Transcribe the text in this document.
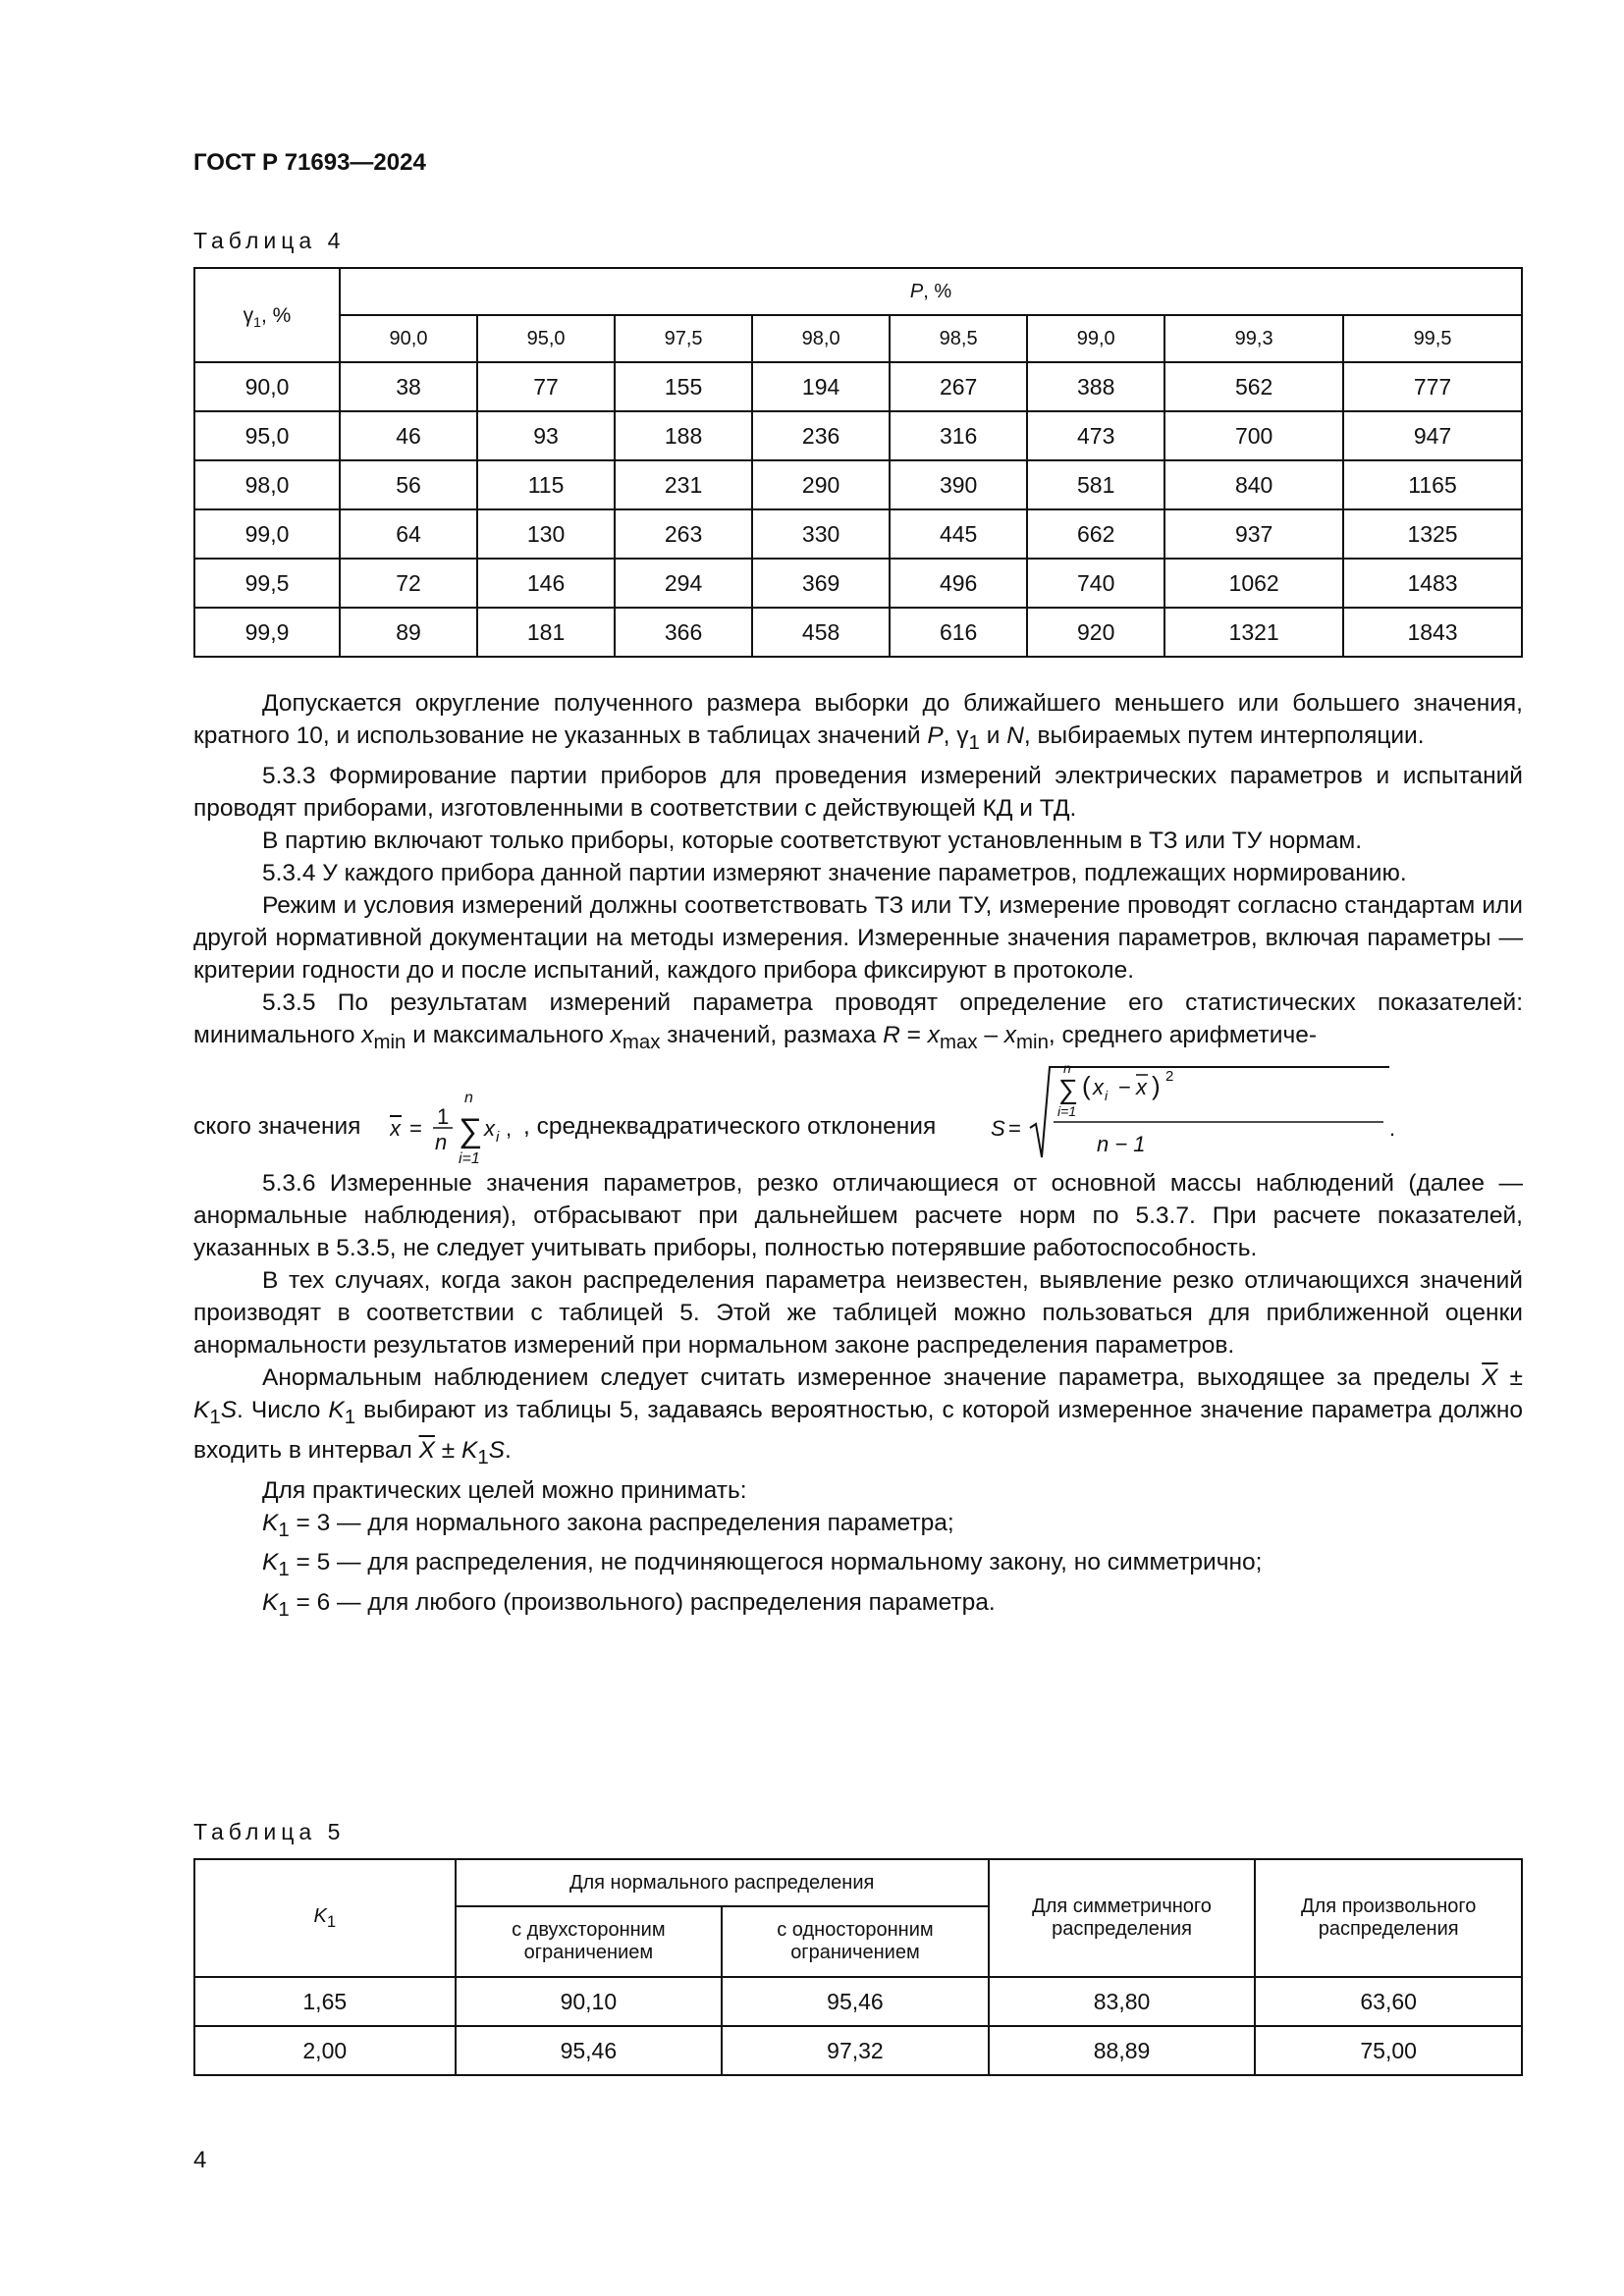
ГОСТ Р 71693—2024
Таблица 4
$\gamma_1$, %	P, %							
	90,0	95,0	97,5	98,0	98,5	99,0	99,3	99,5
90,0	38	77	155	194	267	388	562	777
95,0	46	93	188	236	316	473	700	947
98,0	56	115	231	290	390	581	840	1165
99,0	64	130	263	330	445	662	937	1325
99,5	72	146	294	369	496	740	1062	1483
99,9	89	181	366	458	616	920	1321	1843

Допускается округление полученного размера выборки до ближайшего меньшего или большего значения, кратного 10, и использование не указанных в таблицах значений P, $\gamma_1$ и N, выбираемых путем интерполяции.

5.3.3 Формирование партии приборов для проведения измерений электрических параметров и испытаний проводят приборами, изготовленными в соответствии с действующей КД и ТД.

В партию включают только приборы, которые соответствуют установленным в ТЗ или ТУ нормам.

5.3.4 У каждого прибора данной партии измеряют значение параметров, подлежащих нормированию.

Режим и условия измерений должны соответствовать ТЗ или ТУ, измерение проводят согласно стандартам или другой нормативной документации на методы измерения. Измеренные значения параметров, включая параметры — критерии годности до и после испытаний, каждого прибора фиксируют в протоколе.

5.3.5 По результатам измерений параметра проводят определение его статистических показателей: минимального $x_{min}$ и максимального $x_{max}$ значений, размаха $R = x_{max} - x_{min}$, среднего арифметиче-

ского значения x = 1
n ∑
n
i=1
x i ,	S =
∑
n
i=1
( x i − x ) 2
n − 1
.
, среднеквадратического отклонения

5.3.6 Измеренные значения параметров, резко отличающиеся от основной массы наблюдений (далее — анормальные наблюдения), отбрасывают при дальнейшем расчете норм по 5.3.7. При расчете показателей, указанных в 5.3.5, не следует учитывать приборы, полностью потерявшие работоспособность.

В тех случаях, когда закон распределения параметра неизвестен, выявление резко отличающихся значений производят в соответствии с таблицей 5. Этой же таблицей можно пользоваться для приближенной оценки анормальности результатов измерений при нормальном законе распределения параметров.

Анормальным наблюдением следует считать измеренное значение параметра, выходящее за пределы $\overline{X} \pm K_1S$. Число $K_1$ выбирают из таблицы 5, задаваясь вероятностью, с которой измеренное значение параметра должно входить в интервал $\overline{X} \pm K_1S$.

Для практических целей можно принимать:

$K_1 = 3$ — для нормального закона распределения параметра;

$K_1 = 5$ — для распределения, не подчиняющегося нормальному закону, но симметрично;

$K_1 = 6$ — для любого (произвольного) распределения параметра.

Таблица 5
$K_1$	Для нормального распределения		Для симметричного распределения	Для произвольного распределения
	с двухсторонним ограничением	с односторонним ограничением		
1,65	90,10	95,46	83,80	63,60
2,00	95,46	97,32	88,89	75,00
4
